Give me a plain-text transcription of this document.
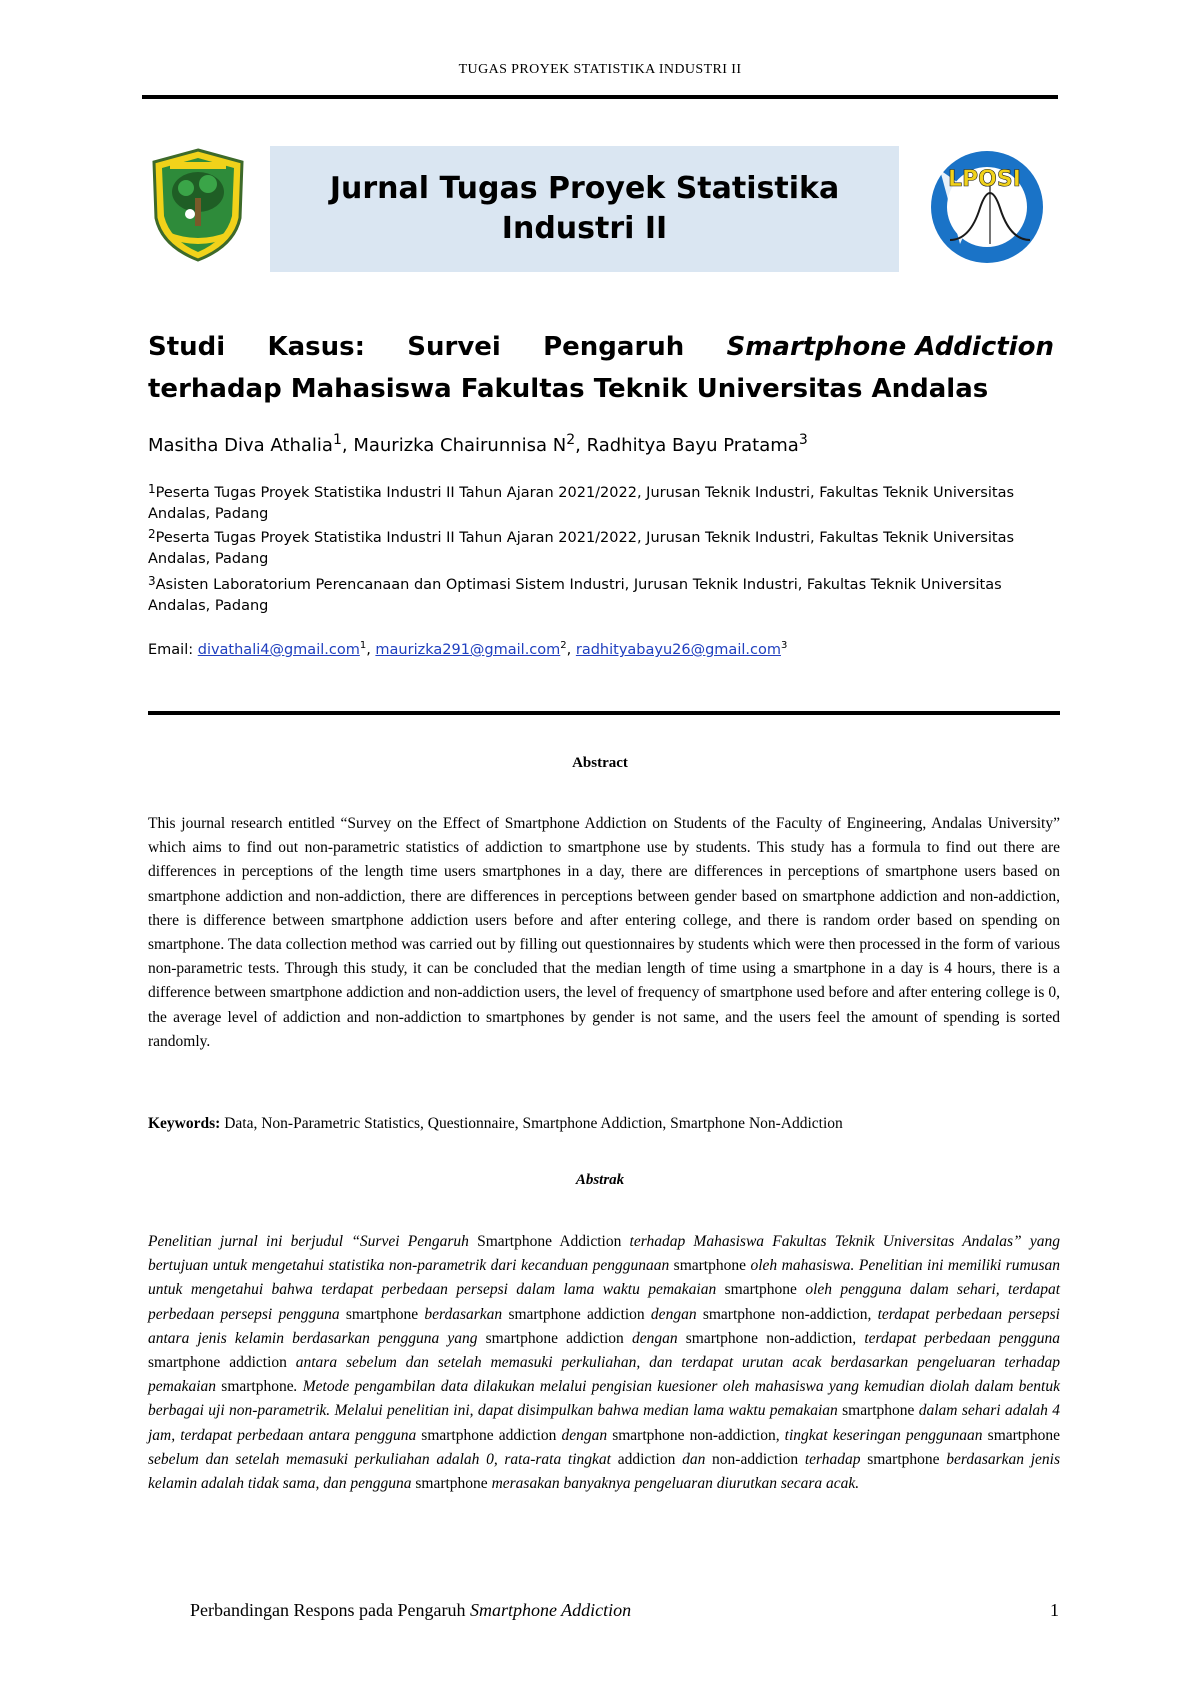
TUGAS PROYEK STATISTIKA INDUSTRI II
Jurnal Tugas Proyek Statistika
Industri II
LPOSI
Studi Kasus: Survei Pengaruh Smartphone Addiction
terhadap Mahasiswa Fakultas Teknik Universitas Andalas
Masitha Diva Athalia$^1$, Maurizka Chairunnisa $N^2$, Radhitya Bayu Pratama$^3$
$^1$Peserta Tugas Proyek Statistika Industri II Tahun Ajaran 2021/2022, Jurusan Teknik Industri, Fakultas Teknik Universitas Andalas, Padang
$^2$Peserta Tugas Proyek Statistika Industri II Tahun Ajaran 2021/2022, Jurusan Teknik Industri, Fakultas Teknik Universitas Andalas, Padang
$^3$Asisten Laboratorium Perencanaan dan Optimasi Sistem Industri, Jurusan Teknik Industri, Fakultas Teknik Universitas Andalas, Padang
Email: divathali4@gmail.com$^1$, maurizka291@gmail.com$^2$, radhityabayu26@gmail.com$^3$
Abstract
This journal research entitled “Survey on the Effect of Smartphone Addiction on Students of the Faculty of Engineering, Andalas University” which aims to find out non-parametric statistics of addiction to smartphone use by students. This study has a formula to find out there are differences in perceptions of the length time users smartphones in a day, there are differences in perceptions of smartphone users based on smartphone addiction and non-addiction, there are differences in perceptions between gender based on smartphone addiction and non-addiction, there is difference between smartphone addiction users before and after entering college, and there is random order based on spending on smartphone. The data collection method was carried out by filling out questionnaires by students which were then processed in the form of various non-parametric tests. Through this study, it can be concluded that the median length of time using a smartphone in a day is 4 hours, there is a difference between smartphone addiction and non-addiction users, the level of frequency of smartphone used before and after entering college is 0, the average level of addiction and non-addiction to smartphones by gender is not same, and the users feel the amount of spending is sorted randomly.
Keywords: Data, Non-Parametric Statistics, Questionnaire, Smartphone Addiction, Smartphone Non-Addiction
Abstrak
Penelitian jurnal ini berjudul “Survei Pengaruh Smartphone Addiction terhadap Mahasiswa Fakultas Teknik Universitas Andalas” yang bertujuan untuk mengetahui statistika non-parametrik dari kecanduan penggunaan smartphone oleh mahasiswa. Penelitian ini memiliki rumusan untuk mengetahui bahwa terdapat perbedaan persepsi dalam lama waktu pemakaian smartphone oleh pengguna dalam sehari, terdapat perbedaan persepsi pengguna smartphone berdasarkan smartphone addiction dengan smartphone non-addiction, terdapat perbedaan persepsi antara jenis kelamin berdasarkan pengguna yang smartphone addiction dengan smartphone non-addiction, terdapat perbedaan pengguna smartphone addiction antara sebelum dan setelah memasuki perkuliahan, dan terdapat urutan acak berdasarkan pengeluaran terhadap pemakaian smartphone. Metode pengambilan data dilakukan melalui pengisian kuesioner oleh mahasiswa yang kemudian diolah dalam bentuk berbagai uji non-parametrik. Melalui penelitian ini, dapat disimpulkan bahwa median lama waktu pemakaian smartphone dalam sehari adalah 4 jam, terdapat perbedaan antara pengguna smartphone addiction dengan smartphone non-addiction, tingkat keseringan penggunaan smartphone sebelum dan setelah memasuki perkuliahan adalah 0, rata-rata tingkat addiction dan non-addiction terhadap smartphone berdasarkan jenis kelamin adalah tidak sama, dan pengguna smartphone merasakan banyaknya pengeluaran diurutkan secara acak.
Perbandingan Respons pada Pengaruh Smartphone Addiction	1
